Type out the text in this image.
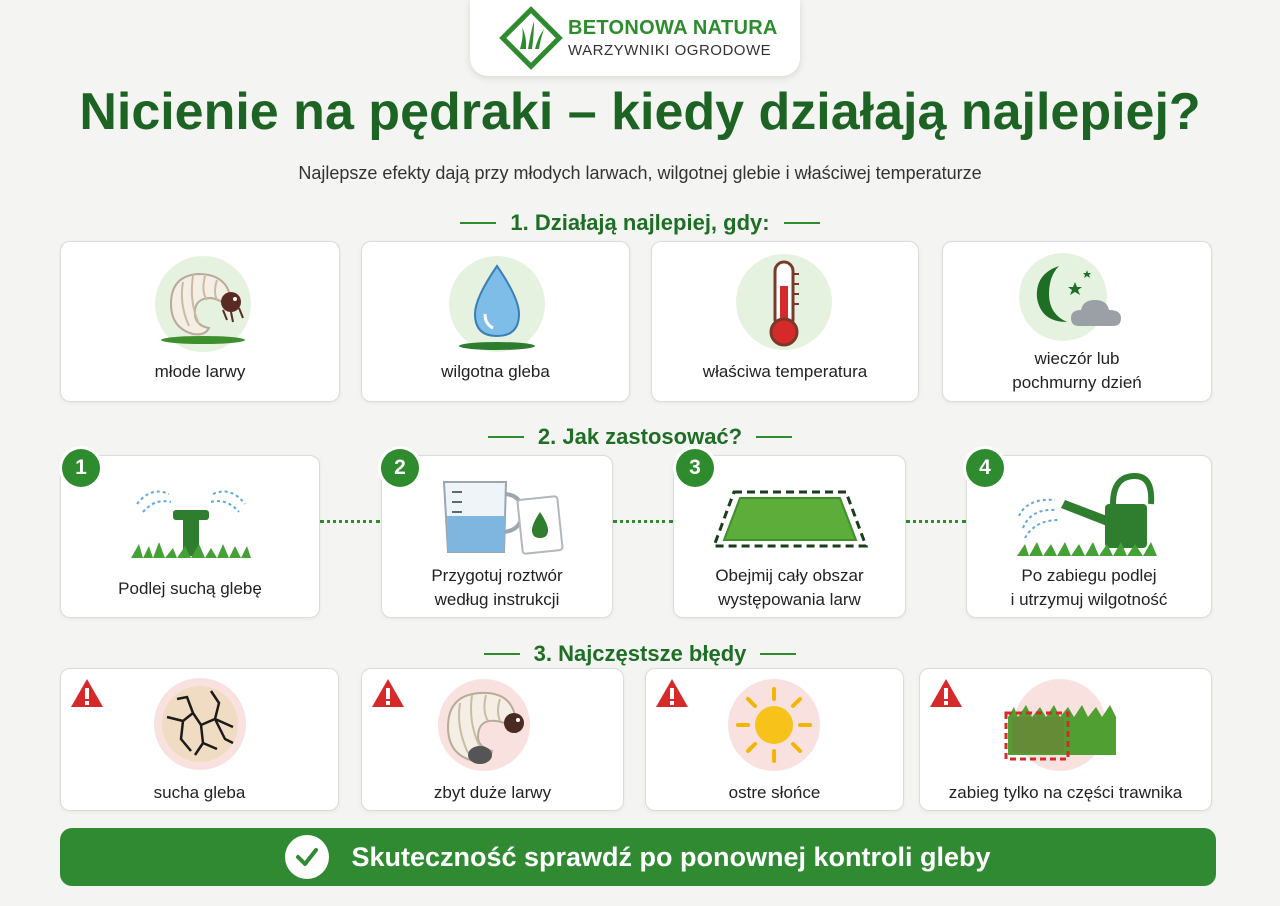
BETONOWA NATURA
WARZYWNIKI OGRODOWE
Nicienie na pędraki – kiedy działają najlepiej?
Najlepsze efekty dają przy młodych larwach, wilgotnej glebie i właściwej temperaturze
1. Działają najlepiej, gdy:
młode larwy	wilgotna gleba	właściwa temperatura
wieczór lub
pochmurny dzień
2. Jak zastosować?
Podlej suchą glebę
1
Przygotuj roztwór
według instrukcji
2
Obejmij cały obszar
występowania larw
3
Po zabiegu podlej
i utrzymuj wilgotność
4
3. Najczęstsze błędy
sucha gleba	zbyt duże larwy	ostre słońce	zabieg tylko na części trawnika
Skuteczność sprawdź po ponownej kontroli gleby
